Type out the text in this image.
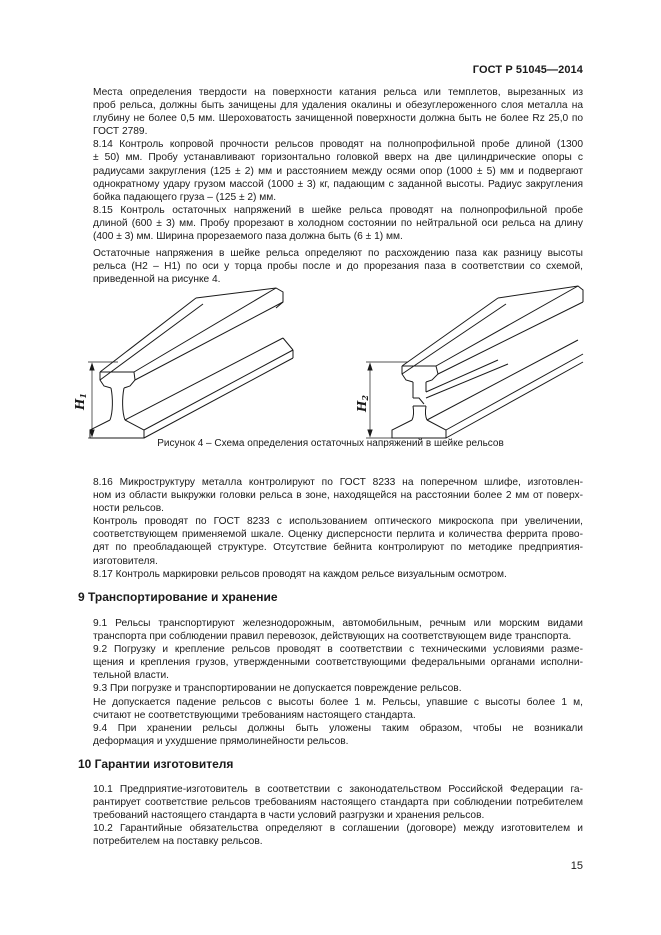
ГОСТ Р 51045—2014

Места определения твердости на поверхности катания рельса или темплетов, вырезанных из
проб рельса, должны быть зачищены для удаления окалины и обезуглероженного слоя металла на
глубину не более 0,5 мм. Шероховатость зачищенной поверхности должна быть не более Rz 25,0 по
ГОСТ 2789.

8.14 Контроль копровой прочности рельсов проводят на полнопрофильной пробе длиной (1300
± 50) мм. Пробу устанавливают горизонтально головкой вверх на две цилиндрические опоры с
радиусами закругления (125 ± 2) мм и расстоянием между осями опор (1000 ± 5) мм и подвергают
однократному удару грузом массой (1000 ± 3) кг, падающим с заданной высоты. Радиус закругления
бойка падающего груза – (125 ± 2) мм.

8.15 Контроль остаточных напряжений в шейке рельса проводят на полнопрофильной пробе
длиной (600 ± 3) мм. Пробу прорезают в холодном состоянии по нейтральной оси рельса на длину
(400 ± 3) мм. Ширина прорезаемого паза должна быть (6 ± 1) мм.

Остаточные напряжения в шейке рельса определяют по расхождению паза как разницу высоты
рельса (H2 – H1) по оси у торца пробы после и до прорезания паза в соответствии со схемой,
приведенной на рисунке 4.

H1
H2
Рисунок 4 – Схема определения остаточных напряжений в шейке рельсов

8.16 Микроструктуру металла контролируют по ГОСТ 8233 на поперечном шлифе, изготовлен-
ном из области выкружки головки рельса в зоне, находящейся на расстоянии более 2 мм от поверх-
ности рельсов.

Контроль проводят по ГОСТ 8233 с использованием оптического микроскопа при увеличении,
соответствующем применяемой шкале. Оценку дисперсности перлита и количества феррита прово-
дят по преобладающей структуре. Отсутствие бейнита контролируют по методике предприятия-
изготовителя.

8.17 Контроль маркировки рельсов проводят на каждом рельсе визуальным осмотром.

9 Транспортирование и хранение

9.1 Рельсы транспортируют железнодорожным, автомобильным, речным или морским видами
транспорта при соблюдении правил перевозок, действующих на соответствующем виде транспорта.

9.2 Погрузку и крепление рельсов проводят в соответствии с техническими условиями разме-
щения и крепления грузов, утвержденными соответствующими федеральными органами исполни-
тельной власти.

9.3 При погрузке и транспортировании не допускается повреждение рельсов.

Не допускается падение рельсов с высоты более 1 м. Рельсы, упавшие с высоты более 1 м,
считают не соответствующими требованиям настоящего стандарта.

9.4 При хранении рельсы должны быть уложены таким образом, чтобы не возникали
деформация и ухудшение прямолинейности рельсов.

10 Гарантии изготовителя

10.1 Предприятие-изготовитель в соответствии с законодательством Российской Федерации га-
рантирует соответствие рельсов требованиям настоящего стандарта при соблюдении потребителем
требований настоящего стандарта в части условий разгрузки и хранения рельсов.

10.2 Гарантийные обязательства определяют в соглашении (договоре) между изготовителем и
потребителем на поставку рельсов.

15
